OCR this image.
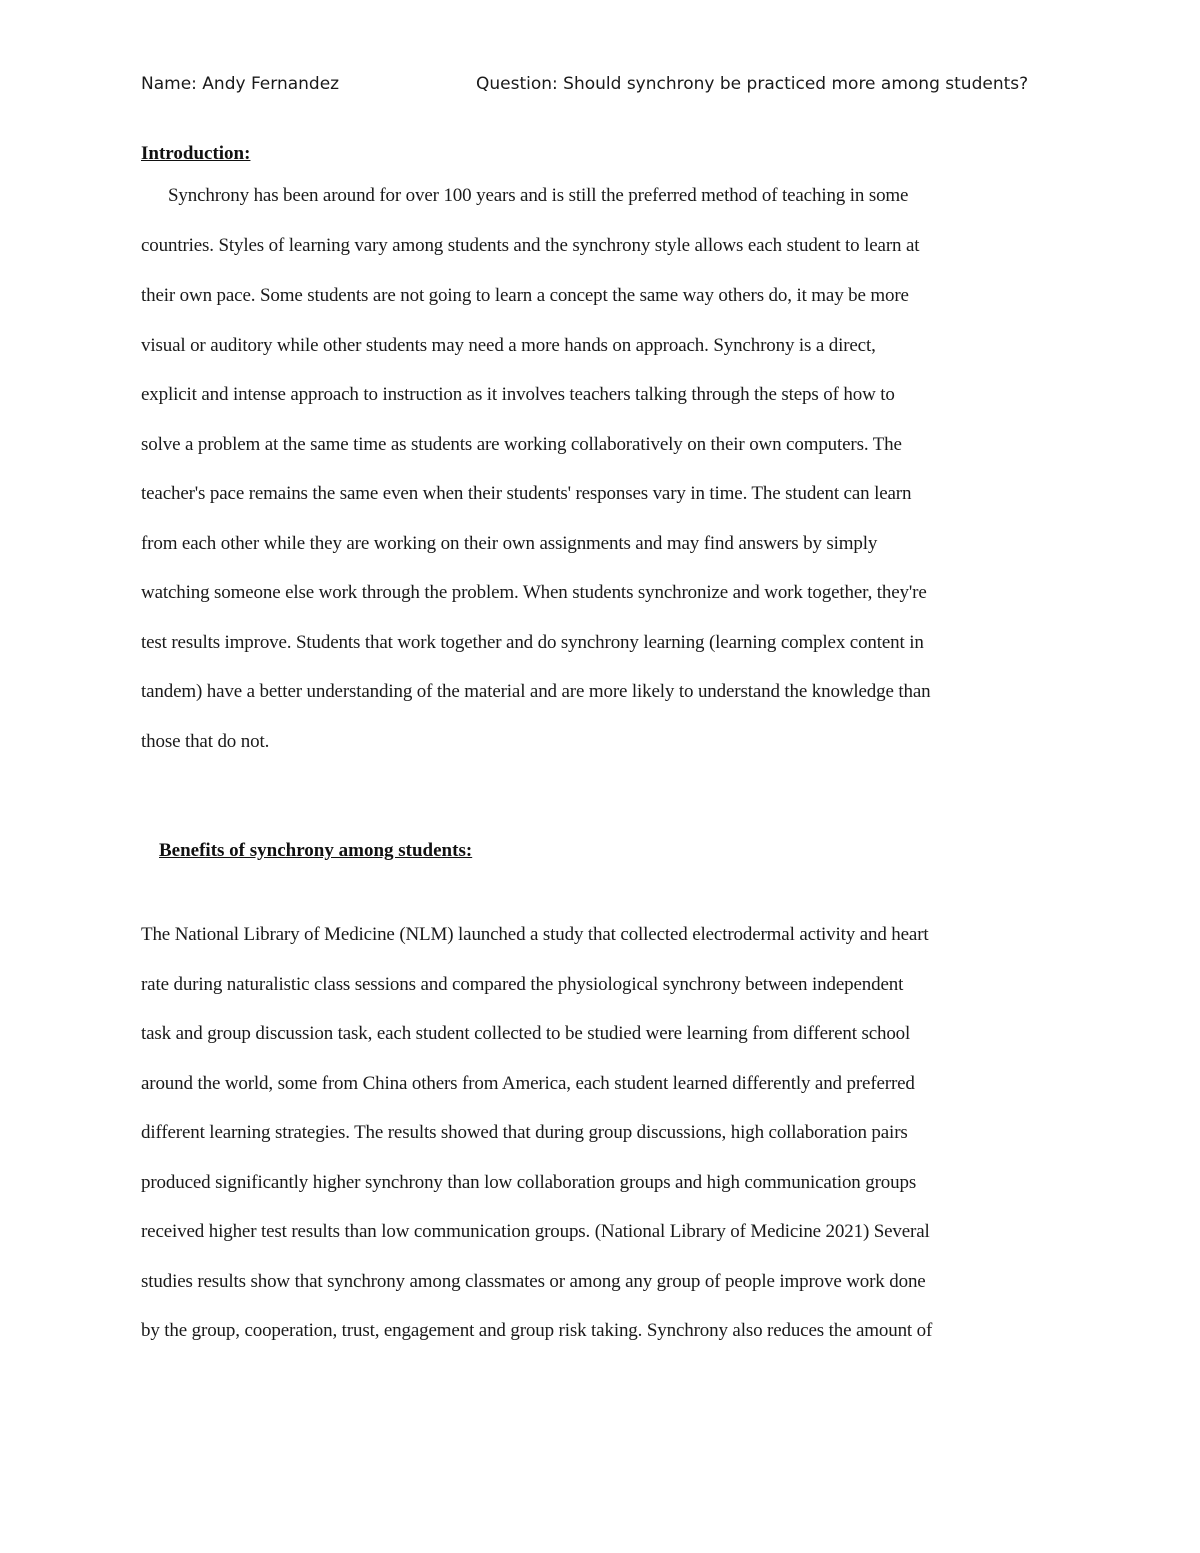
Name: Andy Fernandez	Question: Should synchrony be practiced more among students?
Introduction:
Synchrony has been around for over 100 years and is still the preferred method of teaching in some
countries. Styles of learning vary among students and the synchrony style allows each student to learn at
their own pace. Some students are not going to learn a concept the same way others do, it may be more
visual or auditory while other students may need a more hands on approach. Synchrony is a direct,
explicit and intense approach to instruction as it involves teachers talking through the steps of how to
solve a problem at the same time as students are working collaboratively on their own computers. The
teacher's pace remains the same even when their students' responses vary in time. The student can learn
from each other while they are working on their own assignments and may find answers by simply
watching someone else work through the problem. When students synchronize and work together, they're
test results improve. Students that work together and do synchrony learning (learning complex content in
tandem) have a better understanding of the material and are more likely to understand the knowledge than
those that do not.
Benefits of synchrony among students:
The National Library of Medicine (NLM) launched a study that collected electrodermal activity and heart
rate during naturalistic class sessions and compared the physiological synchrony between independent
task and group discussion task, each student collected to be studied were learning from different school
around the world, some from China others from America, each student learned differently and preferred
different learning strategies. The results showed that during group discussions, high collaboration pairs
produced significantly higher synchrony than low collaboration groups and high communication groups
received higher test results than low communication groups. (National Library of Medicine 2021) Several
studies results show that synchrony among classmates or among any group of people improve work done
by the group, cooperation, trust, engagement and group risk taking. Synchrony also reduces the amount of
